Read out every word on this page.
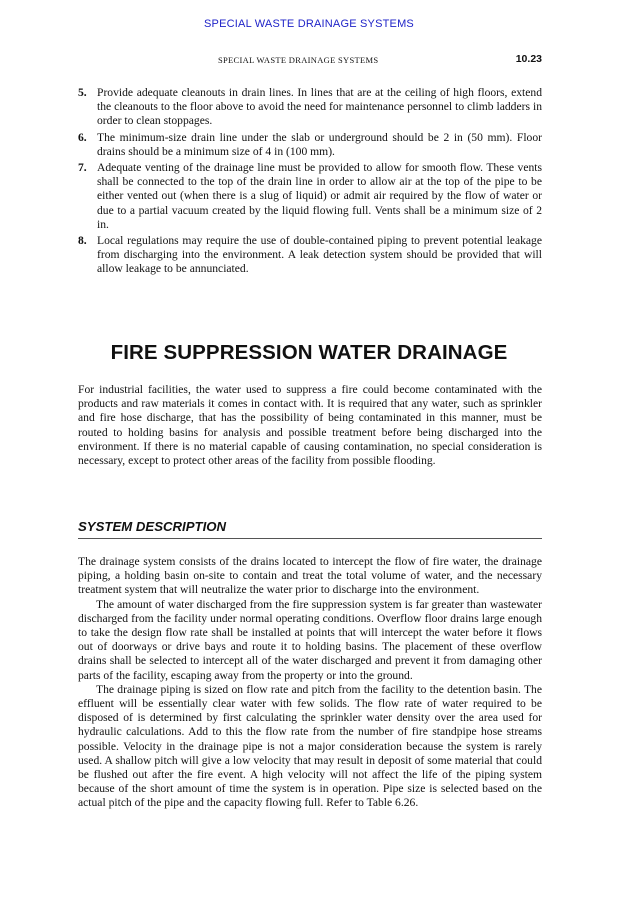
SPECIAL WASTE DRAINAGE SYSTEMS
SPECIAL WASTE DRAINAGE SYSTEMS	10.23
5. Provide adequate cleanouts in drain lines. In lines that are at the ceiling of high floors, extend the cleanouts to the floor above to avoid the need for maintenance personnel to climb ladders in order to clean stoppages.
6. The minimum-size drain line under the slab or underground should be 2 in (50 mm). Floor drains should be a minimum size of 4 in (100 mm).
7. Adequate venting of the drainage line must be provided to allow for smooth flow. These vents shall be connected to the top of the drain line in order to allow air at the top of the pipe to be either vented out (when there is a slug of liquid) or admit air required by the flow of water or due to a partial vacuum created by the liquid flowing full. Vents shall be a minimum size of 2 in.
8. Local regulations may require the use of double-contained piping to prevent potential leakage from discharging into the environment. A leak detection system should be provided that will allow leakage to be annunciated.
FIRE SUPPRESSION WATER DRAINAGE

For industrial facilities, the water used to suppress a fire could become contaminated with the products and raw materials it comes in contact with. It is required that any water, such as sprinkler and fire hose discharge, that has the possibility of being contaminated in this manner, must be routed to holding basins for analysis and possible treatment before being discharged into the environment. If there is no material capable of causing contamination, no special consideration is necessary, except to protect other areas of the facility from possible flooding.

SYSTEM DESCRIPTION

The drainage system consists of the drains located to intercept the flow of fire water, the drainage piping, a holding basin on-site to contain and treat the total volume of water, and the necessary treatment system that will neutralize the water prior to discharge into the environment.

The amount of water discharged from the fire suppression system is far greater than wastewater discharged from the facility under normal operating conditions. Overflow floor drains large enough to take the design flow rate shall be installed at points that will intercept the water before it flows out of doorways or drive bays and route it to holding basins. The placement of these overflow drains shall be selected to intercept all of the water discharged and prevent it from damaging other parts of the facility, escaping away from the property or into the ground.

The drainage piping is sized on flow rate and pitch from the facility to the detention basin. The effluent will be essentially clear water with few solids. The flow rate of water required to be disposed of is determined by first calculating the sprinkler water density over the area used for hydraulic calculations. Add to this the flow rate from the number of fire standpipe hose streams possible. Velocity in the drainage pipe is not a major consideration because the system is rarely used. A shallow pitch will give a low velocity that may result in deposit of some material that could be flushed out after the fire event. A high velocity will not affect the life of the piping system because of the short amount of time the system is in operation. Pipe size is selected based on the actual pitch of the pipe and the capacity flowing full. Refer to Table 6.26.
